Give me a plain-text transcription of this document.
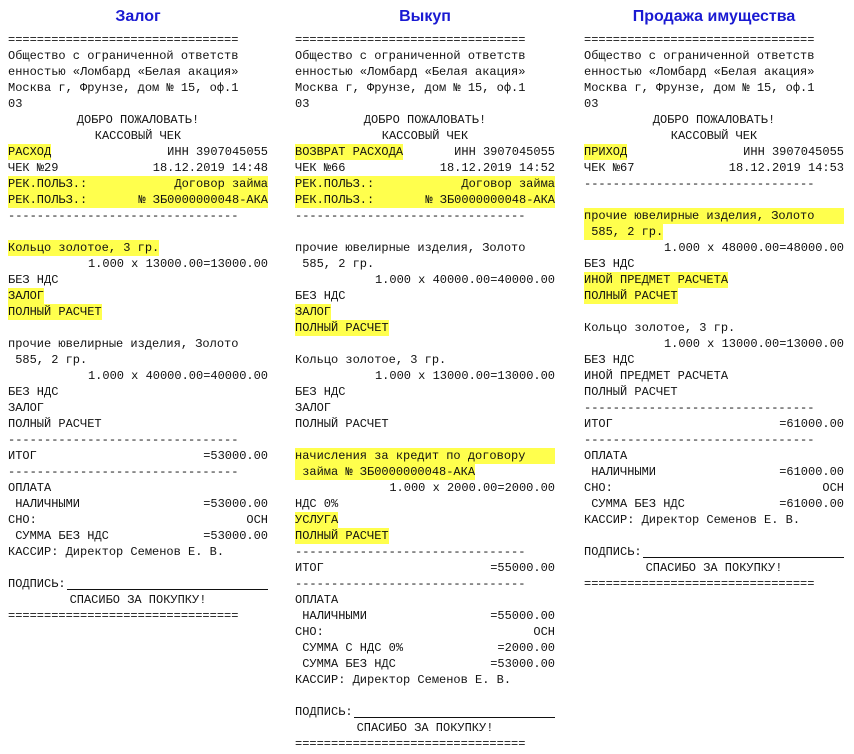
Залог
================================
Общество с ограниченной ответств
енностью «Ломбард «Белая акация»
Москва г, Фрунзе, дом № 15, оф.1
03
ДОБРО ПОЖАЛОВАТЬ!
КАССОВЫЙ ЧЕК
РАСХОД	ИНН 3907045055
ЧЕК №29	18.12.2019 14:48
РЕК.ПОЛЬЗ.:	Договор займа
РЕК.ПОЛЬЗ.:	№ ЗБ0000000048-АКА
--------------------------------
Кольцо золотое, 3 гр.
1.000 х 13000.00=13000.00
БЕЗ НДС
ЗАЛОГ
ПОЛНЫЙ РАСЧЕТ
прочие ювелирные изделия, Золото
585, 2 гр.
1.000 х 40000.00=40000.00
БЕЗ НДС
ЗАЛОГ
ПОЛНЫЙ РАСЧЕТ
--------------------------------
ИТОГ	=53000.00
--------------------------------
ОПЛАТА
НАЛИЧНЫМИ	=53000.00
СНО:	ОСН
СУММА БЕЗ НДС	=53000.00
КАССИР: Директор Семенов Е. В.
ПОДПИСЬ:
СПАСИБО ЗА ПОКУПКУ!
================================
Выкуп
================================
Общество с ограниченной ответств
енностью «Ломбард «Белая акация»
Москва г, Фрунзе, дом № 15, оф.1
03
ДОБРО ПОЖАЛОВАТЬ!
КАССОВЫЙ ЧЕК
ВОЗВРАТ РАСХОДА	ИНН 3907045055
ЧЕК №66	18.12.2019 14:52
РЕК.ПОЛЬЗ.:	Договор займа
РЕК.ПОЛЬЗ.:	№ ЗБ0000000048-АКА
--------------------------------
прочие ювелирные изделия, Золото
585, 2 гр.
1.000 х 40000.00=40000.00
БЕЗ НДС
ЗАЛОГ
ПОЛНЫЙ РАСЧЕТ
Кольцо золотое, 3 гр.
1.000 х 13000.00=13000.00
БЕЗ НДС
ЗАЛОГ
ПОЛНЫЙ РАСЧЕТ
начисления за кредит по договору
займа № ЗБ0000000048-АКА
1.000 х 2000.00=2000.00
НДС 0%
УСЛУГА
ПОЛНЫЙ РАСЧЕТ
--------------------------------
ИТОГ	=55000.00
--------------------------------
ОПЛАТА
НАЛИЧНЫМИ	=55000.00
СНО:	ОСН
СУММА С НДС 0%	=2000.00
СУММА БЕЗ НДС	=53000.00
КАССИР: Директор Семенов Е. В.
ПОДПИСЬ:
СПАСИБО ЗА ПОКУПКУ!
================================
Продажа имущества
================================
Общество с ограниченной ответств
енностью «Ломбард «Белая акация»
Москва г, Фрунзе, дом № 15, оф.1
03
ДОБРО ПОЖАЛОВАТЬ!
КАССОВЫЙ ЧЕК
ПРИХОД	ИНН 3907045055
ЧЕК №67	18.12.2019 14:53
--------------------------------
прочие ювелирные изделия, Золото
585, 2 гр.
1.000 х 48000.00=48000.00
БЕЗ НДС
ИНОЙ ПРЕДМЕТ РАСЧЕТА
ПОЛНЫЙ РАСЧЕТ
Кольцо золотое, 3 гр.
1.000 х 13000.00=13000.00
БЕЗ НДС
ИНОЙ ПРЕДМЕТ РАСЧЕТА
ПОЛНЫЙ РАСЧЕТ
--------------------------------
ИТОГ	=61000.00
--------------------------------
ОПЛАТА
НАЛИЧНЫМИ	=61000.00
СНО:	ОСН
СУММА БЕЗ НДС	=61000.00
КАССИР: Директор Семенов Е. В.
ПОДПИСЬ:
СПАСИБО ЗА ПОКУПКУ!
================================
